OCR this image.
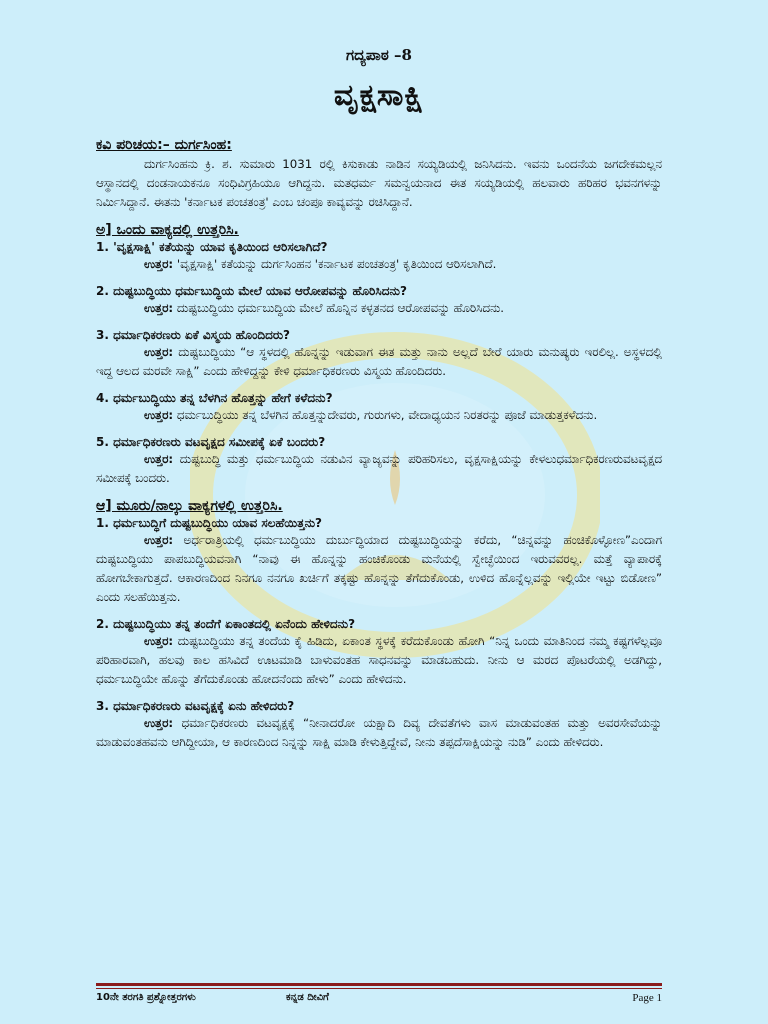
ಗದ್ಯಪಾಠ –8
ವೃಕ್ಷಸಾಕ್ಷಿ
ಕವಿ ಪರಿಚಯ:– ದುರ್ಗಸಿಂಹ:
ದುರ್ಗಸಿಂಹನು ಕ್ರಿ. ಶ. ಸುಮಾರು 1031 ರಲ್ಲಿ ಕಿಸುಕಾಡು ನಾಡಿನ ಸಯ್ಯಡಿಯಲ್ಲಿ ಜನಿಸಿದನು. ಇವನು ಒಂದನೆಯ ಜಗದೇಕಮಲ್ಲನ ಆಸ್ಥಾನದಲ್ಲಿ ದಂಡನಾಯಕನೂ ಸಂಧಿವಿಗ್ರಹಿಯೂ ಆಗಿದ್ದನು. ಮತಧರ್ಮ ಸಮನ್ವಯನಾದ ಈತ ಸಯ್ಯಡಿಯಲ್ಲಿ ಹಲವಾರು ಹರಿಹರ ಭವನಗಳನ್ನು ನಿರ್ಮಿಸಿದ್ದಾನೆ. ಈತನು 'ಕರ್ನಾಟಕ ಪಂಚತಂತ್ರ' ಎಂಬ ಚಂಪೂ ಕಾವ್ಯವನ್ನು ರಚಿಸಿದ್ದಾನೆ.
ಅ] ಒಂದು ವಾಕ್ಯದಲ್ಲಿ ಉತ್ತರಿಸಿ.
1. 'ವೃಕ್ಷಸಾಕ್ಷಿ' ಕತೆಯನ್ನು ಯಾವ ಕೃತಿಯಿಂದ ಆರಿಸಲಾಗಿದೆ?
ಉತ್ತರ: 'ವೃಕ್ಷಸಾಕ್ಷಿ' ಕತೆಯನ್ನು ದುರ್ಗಸಿಂಹನ 'ಕರ್ನಾಟಕ ಪಂಚತಂತ್ರ' ಕೃತಿಯಿಂದ ಆರಿಸಲಾಗಿದೆ.
2. ದುಷ್ಟಬುದ್ಧಿಯು ಧರ್ಮಬುದ್ಧಿಯ ಮೇಲೆ ಯಾವ ಆರೋಪವನ್ನು ಹೊರಿಸಿದನು?
ಉತ್ತರ: ದುಷ್ಟಬುದ್ಧಿಯು ಧರ್ಮಬುದ್ಧಿಯ ಮೇಲೆ ಹೊನ್ನಿನ ಕಳ್ಳತನದ ಆರೋಪವನ್ನು ಹೊರಿಸಿದನು.
3. ಧರ್ಮಾಧಿಕರಣರು ಏಕೆ ವಿಸ್ಮಯ ಹೊಂದಿದರು?
ಉತ್ತರ: ದುಷ್ಟಬುದ್ಧಿಯು “ಆ ಸ್ಥಳದಲ್ಲಿ ಹೊನ್ನನ್ನು ಇಡುವಾಗ ಈತ ಮತ್ತು ನಾನು ಅಲ್ಲದೆ ಬೇರೆ ಯಾರು ಮನುಷ್ಯರು ಇರಲಿಲ್ಲ. ಅಸ್ಥಳದಲ್ಲಿ ಇದ್ದ ಆಲದ ಮರವೇ ಸಾಕ್ಷಿ” ಎಂದು ಹೇಳಿದ್ದನ್ನು ಕೇಳಿ ಧರ್ಮಾಧಿಕರಣರು ವಿಸ್ಮಯ ಹೊಂದಿದರು.
4. ಧರ್ಮಬುದ್ಧಿಯು ತನ್ನ ಬೆಳಗಿನ ಹೊತ್ತನ್ನು ಹೇಗೆ ಕಳೆದನು?
ಉತ್ತರ: ಧರ್ಮಬುದ್ಧಿಯು ತನ್ನ ಬೆಳಗಿನ ಹೊತ್ತನ್ನುದೇವರು, ಗುರುಗಳು, ವೇದಾಧ್ಯಯನ ನಿರತರನ್ನು ಪೂಜೆ ಮಾಡುತ್ತಕಳೆದನು.
5. ಧರ್ಮಾಧಿಕರಣರು ವಟವೃಕ್ಷದ ಸಮೀಪಕ್ಕೆ ಏಕೆ ಬಂದರು?
ಉತ್ತರ: ದುಷ್ಟಬುದ್ಧಿ ಮತ್ತು ಧರ್ಮಬುದ್ಧಿಯ ನಡುವಿನ ವ್ಯಾಜ್ಯವನ್ನು ಪರಿಹರಿಸಲು, ವೃಕ್ಷಸಾಕ್ಷಿಯನ್ನು ಕೇಳಲುಧರ್ಮಾಧಿಕರಣರುವಟವೃಕ್ಷದ ಸಮೀಪಕ್ಕೆ ಬಂದರು.
ಆ] ಮೂರು/ನಾಲ್ಕು ವಾಕ್ಯಗಳಲ್ಲಿ ಉತ್ತರಿಸಿ.
1. ಧರ್ಮಬುದ್ಧಿಗೆ ದುಷ್ಟಬುದ್ಧಿಯು ಯಾವ ಸಲಹೆಯಿತ್ತನು?
ಉತ್ತರ: ಅರ್ಧರಾತ್ರಿಯಲ್ಲಿ ಧರ್ಮಬುದ್ಧಿಯು ದುರ್ಬುದ್ಧಿಯಾದ ದುಷ್ಟಬುದ್ಧಿಯನ್ನು ಕರೆದು, “ಚಿನ್ನವನ್ನು ಹಂಚಿಕೊಳ್ಳೋಣ”ಎಂದಾಗ ದುಷ್ಟಬುದ್ಧಿಯು ಪಾಪಬುದ್ಧಿಯವನಾಗಿ “ನಾವು ಈ ಹೊನ್ನನ್ನು ಹಂಚಿಕೊಂಡು ಮನೆಯಲ್ಲಿ ಸ್ವೇಚ್ಛೆಯಿಂದ ಇರುವವರಲ್ಲ. ಮತ್ತೆ ವ್ಯಾಪಾರಕ್ಕೆ ಹೋಗಬೇಕಾಗುತ್ತದೆ. ಆಕಾರಣದಿಂದ ನಿನಗೂ ನನಗೂ ಖರ್ಚಿಗೆ ತಕ್ಕಷ್ಟು ಹೊನ್ನನ್ನು ತೆಗೆದುಕೊಂಡು, ಉಳಿದ ಹೊನ್ನೆಲ್ಲವನ್ನು ಇಲ್ಲಿಯೇ ಇಟ್ಟು ಬಿಡೋಣ” ಎಂದು ಸಲಹೆಯಿತ್ತನು.
2. ದುಷ್ಟಬುದ್ಧಿಯು ತನ್ನ ತಂದೆಗೆ ಏಕಾಂತದಲ್ಲಿ ಏನೆಂದು ಹೇಳಿದನು?
ಉತ್ತರ: ದುಷ್ಟಬುದ್ಧಿಯು ತನ್ನ ತಂದೆಯ ಕೈ ಹಿಡಿದು, ಏಕಾಂತ ಸ್ಥಳಕ್ಕೆ ಕರೆದುಕೊಂಡು ಹೋಗಿ “ನಿನ್ನ ಒಂದು ಮಾತಿನಿಂದ ನಮ್ಮ ಕಷ್ಟಗಳೆಲ್ಲವೂ ಪರಿಹಾರವಾಗಿ, ಹಲವು ಕಾಲ ಹಸಿವಿದೆ ಊಟಮಾಡಿ ಬಾಳುವಂತಹ ಸಾಧನವನ್ನು ಮಾಡಬಹುದು. ನೀನು ಆ ಮರದ ಪೊಟರೆಯಲ್ಲಿ ಅಡಗಿದ್ದು, ಧರ್ಮಬುದ್ಧಿಯೇ ಹೊನ್ನು ತೆಗೆದುಕೊಂಡು ಹೋದನೆಂದು ಹೇಳು” ಎಂದು ಹೇಳಿದನು.
3. ಧರ್ಮಾಧಿಕರಣರು ವಟವೃಕ್ಷಕ್ಕೆ ಏನು ಹೇಳಿದರು?
ಉತ್ತರ: ಧರ್ಮಾಧಿಕರಣರು ವಟವೃಕ್ಷಕ್ಕೆ “ನೀನಾದರೋ ಯಕ್ಷಾದಿ ದಿವ್ಯ ದೇವತೆಗಳು ವಾಸ ಮಾಡುವಂತಹ ಮತ್ತು ಅವರಸೇವೆಯನ್ನು ಮಾಡುವಂತಹವನು ಆಗಿದ್ದೀಯಾ, ಆ ಕಾರಣದಿಂದ ನಿನ್ನನ್ನು ಸಾಕ್ಷಿ ಮಾಡಿ ಕೇಳುತ್ತಿದ್ದೇವೆ, ನೀನು ತಪ್ಪದೆಸಾಕ್ಷಿಯನ್ನು ನುಡಿ” ಎಂದು ಹೇಳಿದರು.
10ನೇ ತರಗತಿ ಪ್ರಶ್ನೋತ್ತರಗಳು	ಕನ್ನಡ ದೀವಿಗೆ	Page 1
